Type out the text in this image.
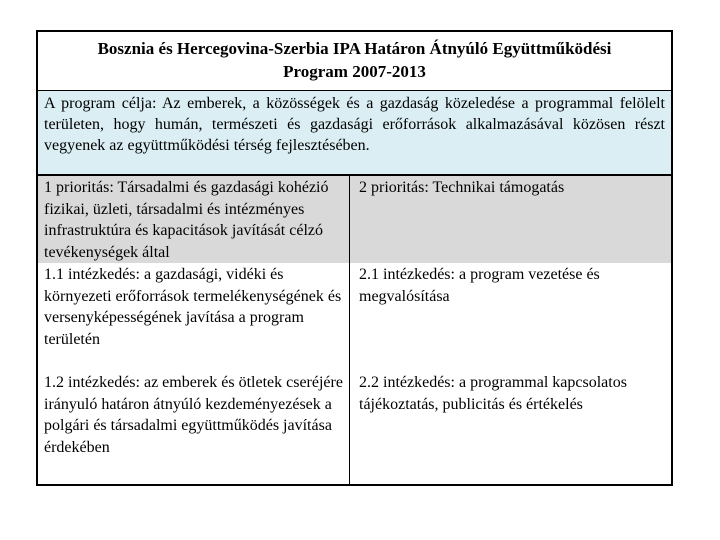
Bosznia és Hercegovina-Szerbia IPA Határon Átnyúló Együttműködési
Program 2007-2013
A program célja: Az emberek, a közösségek és a gazdaság közeledése a programmal felölelt területen, hogy humán, természeti és gazdasági erőforrások alkalmazásával közösen részt vegyenek az együttműködési térség fejlesztésében.
1 prioritás: Társadalmi és gazdasági kohézió fizikai, üzleti, társadalmi és intézményes infrastruktúra és kapacitások javítását célzó tevékenységek által
2 prioritás: Technikai támogatás
1.1 intézkedés: a gazdasági, vidéki és környezeti erőforrások termelékenységének és versenyképességének javítása a program területén
2.1 intézkedés: a program vezetése és megvalósítása
1.2 intézkedés: az emberek és ötletek cseréjére irányuló határon átnyúló kezdeményezések a polgári és társadalmi együttműködés javítása érdekében
2.2 intézkedés: a programmal kapcsolatos tájékoztatás, publicitás és értékelés
